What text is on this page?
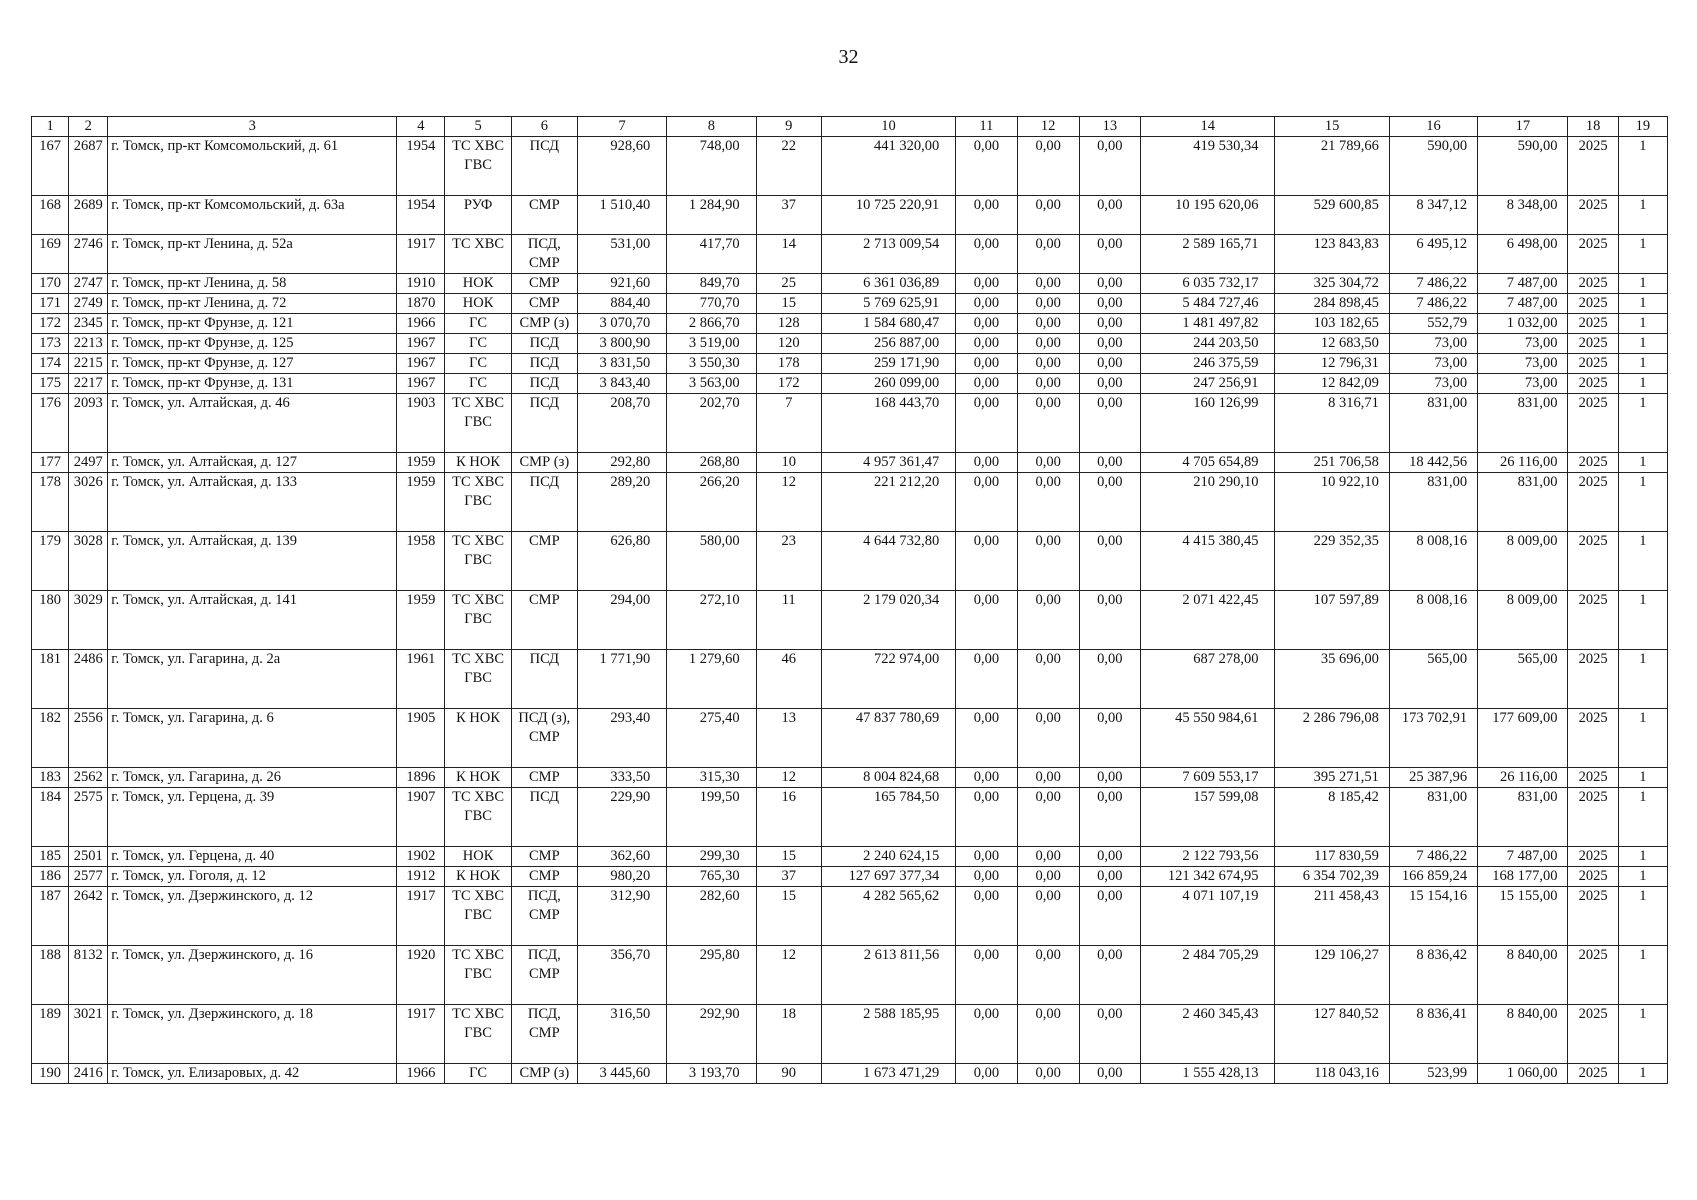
32
1	2	3	4	5	6	7	8	9	10	11	12	13	14	15	16	17	18	19
167	2687	г. Томск, пр-кт Комсомольский, д. 61	1954	ТС ХВС ГВС	ПСД	928,60	748,00	22	441 320,00	0,00	0,00	0,00	419 530,34	21 789,66	590,00	590,00	2025	1
168	2689	г. Томск, пр-кт Комсомольский, д. 63а	1954	РУФ	СМР	1 510,40	1 284,90	37	10 725 220,91	0,00	0,00	0,00	10 195 620,06	529 600,85	8 347,12	8 348,00	2025	1
169	2746	г. Томск, пр-кт Ленина, д. 52а	1917	ТС ХВС	ПСД, СМР	531,00	417,70	14	2 713 009,54	0,00	0,00	0,00	2 589 165,71	123 843,83	6 495,12	6 498,00	2025	1
170	2747	г. Томск, пр-кт Ленина, д. 58	1910	НОК	СМР	921,60	849,70	25	6 361 036,89	0,00	0,00	0,00	6 035 732,17	325 304,72	7 486,22	7 487,00	2025	1
171	2749	г. Томск, пр-кт Ленина, д. 72	1870	НОК	СМР	884,40	770,70	15	5 769 625,91	0,00	0,00	0,00	5 484 727,46	284 898,45	7 486,22	7 487,00	2025	1
172	2345	г. Томск, пр-кт Фрунзе, д. 121	1966	ГС	СМР (з)	3 070,70	2 866,70	128	1 584 680,47	0,00	0,00	0,00	1 481 497,82	103 182,65	552,79	1 032,00	2025	1
173	2213	г. Томск, пр-кт Фрунзе, д. 125	1967	ГС	ПСД	3 800,90	3 519,00	120	256 887,00	0,00	0,00	0,00	244 203,50	12 683,50	73,00	73,00	2025	1
174	2215	г. Томск, пр-кт Фрунзе, д. 127	1967	ГС	ПСД	3 831,50	3 550,30	178	259 171,90	0,00	0,00	0,00	246 375,59	12 796,31	73,00	73,00	2025	1
175	2217	г. Томск, пр-кт Фрунзе, д. 131	1967	ГС	ПСД	3 843,40	3 563,00	172	260 099,00	0,00	0,00	0,00	247 256,91	12 842,09	73,00	73,00	2025	1
176	2093	г. Томск, ул. Алтайская, д. 46	1903	ТС ХВС ГВС	ПСД	208,70	202,70	7	168 443,70	0,00	0,00	0,00	160 126,99	8 316,71	831,00	831,00	2025	1
177	2497	г. Томск, ул. Алтайская, д. 127	1959	К НОК	СМР (з)	292,80	268,80	10	4 957 361,47	0,00	0,00	0,00	4 705 654,89	251 706,58	18 442,56	26 116,00	2025	1
178	3026	г. Томск, ул. Алтайская, д. 133	1959	ТС ХВС ГВС	ПСД	289,20	266,20	12	221 212,20	0,00	0,00	0,00	210 290,10	10 922,10	831,00	831,00	2025	1
179	3028	г. Томск, ул. Алтайская, д. 139	1958	ТС ХВС ГВС	СМР	626,80	580,00	23	4 644 732,80	0,00	0,00	0,00	4 415 380,45	229 352,35	8 008,16	8 009,00	2025	1
180	3029	г. Томск, ул. Алтайская, д. 141	1959	ТС ХВС ГВС	СМР	294,00	272,10	11	2 179 020,34	0,00	0,00	0,00	2 071 422,45	107 597,89	8 008,16	8 009,00	2025	1
181	2486	г. Томск, ул. Гагарина, д. 2а	1961	ТС ХВС ГВС	ПСД	1 771,90	1 279,60	46	722 974,00	0,00	0,00	0,00	687 278,00	35 696,00	565,00	565,00	2025	1
182	2556	г. Томск, ул. Гагарина, д. 6	1905	К НОК	ПСД (з), СМР	293,40	275,40	13	47 837 780,69	0,00	0,00	0,00	45 550 984,61	2 286 796,08	173 702,91	177 609,00	2025	1
183	2562	г. Томск, ул. Гагарина, д. 26	1896	К НОК	СМР	333,50	315,30	12	8 004 824,68	0,00	0,00	0,00	7 609 553,17	395 271,51	25 387,96	26 116,00	2025	1
184	2575	г. Томск, ул. Герцена, д. 39	1907	ТС ХВС ГВС	ПСД	229,90	199,50	16	165 784,50	0,00	0,00	0,00	157 599,08	8 185,42	831,00	831,00	2025	1
185	2501	г. Томск, ул. Герцена, д. 40	1902	НОК	СМР	362,60	299,30	15	2 240 624,15	0,00	0,00	0,00	2 122 793,56	117 830,59	7 486,22	7 487,00	2025	1
186	2577	г. Томск, ул. Гоголя, д. 12	1912	К НОК	СМР	980,20	765,30	37	127 697 377,34	0,00	0,00	0,00	121 342 674,95	6 354 702,39	166 859,24	168 177,00	2025	1
187	2642	г. Томск, ул. Дзержинского, д. 12	1917	ТС ХВС ГВС	ПСД, СМР	312,90	282,60	15	4 282 565,62	0,00	0,00	0,00	4 071 107,19	211 458,43	15 154,16	15 155,00	2025	1
188	8132	г. Томск, ул. Дзержинского, д. 16	1920	ТС ХВС ГВС	ПСД, СМР	356,70	295,80	12	2 613 811,56	0,00	0,00	0,00	2 484 705,29	129 106,27	8 836,42	8 840,00	2025	1
189	3021	г. Томск, ул. Дзержинского, д. 18	1917	ТС ХВС ГВС	ПСД, СМР	316,50	292,90	18	2 588 185,95	0,00	0,00	0,00	2 460 345,43	127 840,52	8 836,41	8 840,00	2025	1
190	2416	г. Томск, ул. Елизаровых, д. 42	1966	ГС	СМР (з)	3 445,60	3 193,70	90	1 673 471,29	0,00	0,00	0,00	1 555 428,13	118 043,16	523,99	1 060,00	2025	1
